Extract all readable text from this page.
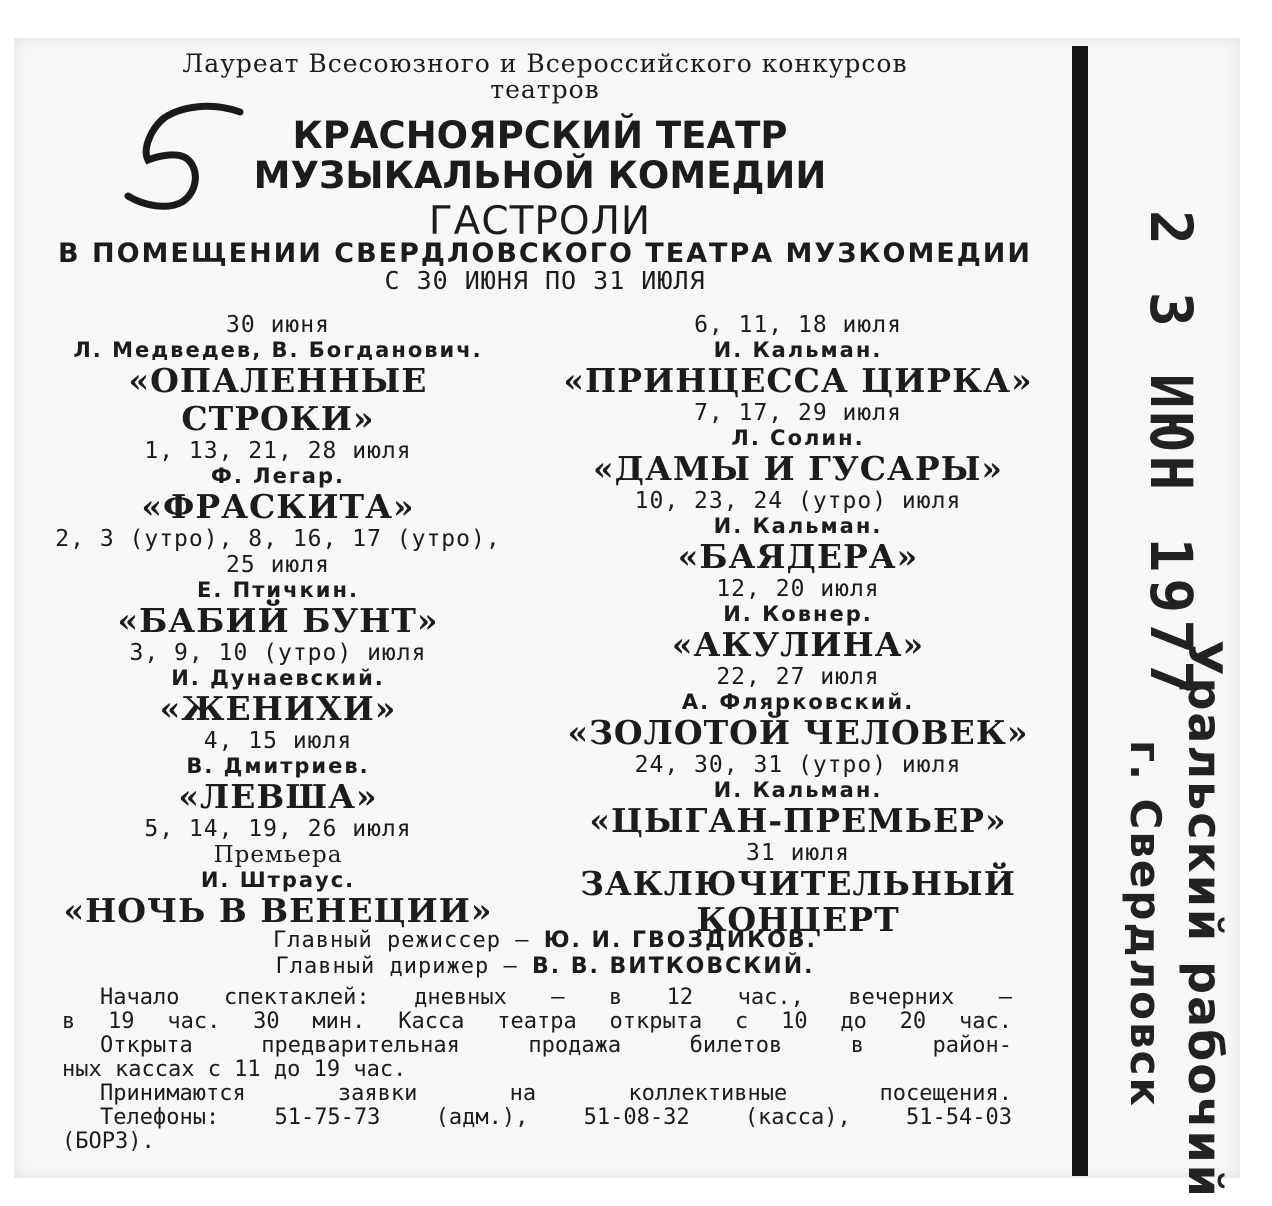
Лауреат Всесоюзного и Всероссийского конкурсов
театров
КРАСНОЯРСКИЙ ТЕАТР
МУЗЫКАЛЬНОЙ КОМЕДИИ
ГАСТРОЛИ
В ПОМЕЩЕНИИ СВЕРДЛОВСКОГО ТЕАТРА МУЗКОМЕДИИ
С 30 ИЮНЯ ПО 31 ИЮЛЯ
30 июня
Л. Медведев, В. Богданович.
«ОПАЛЕННЫЕ
СТРОКИ»
1, 13, 21, 28 июля
Ф. Легар.
«ФРАСКИТА»
2, 3 (утро), 8, 16, 17 (утро),
25 июля
Е. Птичкин.
«БАБИЙ БУНТ»
3, 9, 10 (утро) июля
И. Дунаевский.
«ЖЕНИХИ»
4, 15 июля
В. Дмитриев.
«ЛЕВША»
5, 14, 19, 26 июля
Премьера
И. Штраус.
«НОЧЬ В ВЕНЕЦИИ»
6, 11, 18 июля
И. Кальман.
«ПРИНЦЕССА ЦИРКА»
7, 17, 29 июля
Л. Солин.
«ДАМЫ И ГУСАРЫ»
10, 23, 24 (утро) июля
И. Кальман.
«БАЯДЕРА»
12, 20 июля
И. Ковнер.
«АКУЛИНА»
22, 27 июля
А. Флярковский.
«ЗОЛОТОЙ ЧЕЛОВЕК»
24, 30, 31 (утро) июля
И. Кальман.
«ЦЫГАН-ПРЕМЬЕР»
31 июля
ЗАКЛЮЧИТЕЛЬНЫЙ
КОНЦЕРТ
Главный режиссер — Ю. И. ГВОЗДИКОВ.
Главный дирижер — В. В. ВИТКОВСКИЙ.
Начало спектаклей: дневных — в 12 час., вечерних —
в 19 час. 30 мин. Касса театра открыта с 10 до 20 час.
Открыта	предварительная	продажа	билетов	в	район-
ных кассах с 11 до 19 час.
Принимаются	заявки	на	коллективные	посещения.
Телефоны:	51-75-73	(адм.),	51-08-32	(касса),	51-54-03
(БОРЗ).
2 3 ИЮН 1977
Уральский рабочий
г. Свердловск
